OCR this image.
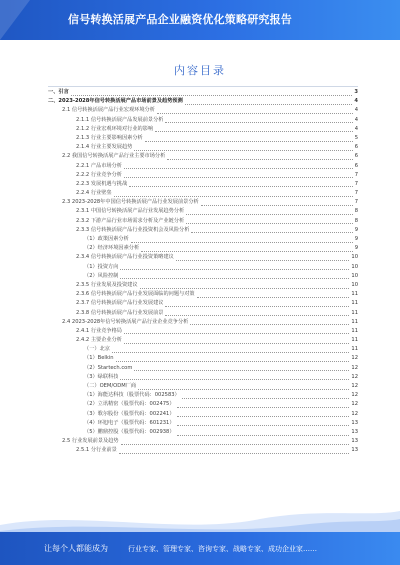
信号转换活展产品企业融资优化策略研究报告
内容目录
一、引言	3
二、2023-2028年信号转换活展产品市场前景及趋势预测	4
2.1 信号转换活展产品行业宏观环境分析	4
2.1.1 信号转换活展产品发展前景分析	4
2.1.2 行业宏观环境对行业的影响	4
2.1.3 行业主要影响因素分析	5
2.1.4 行业主要发展趋势	6
2.2 我国信号转换活展产品行业主要市场分析	6
2.2.1 产品市场分析	6
2.2.2 行业竞争分析	7
2.2.3 发展机遇与挑战	7
2.2.4 行业壁垒	7
2.3 2023-2028年中国信号转换活展产品行业发展前景分析	7
2.3.1 中国信号转换活展产品行业发展趋势分析	8
2.3.2 下游产品行业市场需求分析及产业链分析	8
2.3.3 信号转换活展产品行业投资机会及风险分析	9
（1）政策因素分析	9
（2）经济环境因素分析	9
2.3.4 信号转换活展产品行业投资策略建议	10
（1）投资方向	10
（2）风险控制	10
2.3.5 行业发展及投资建议	10
2.3.6 信号转换活展产品行业发展面临的问题与对策	11
2.3.7 信号转换活展产品行业发展建议	11
2.3.8 信号转换活展产品行业发展前景	11
2.4 2023-2028年信号转换活展产品行业企业竞争分析	11
2.4.1 行业竞争格局	11
2.4.2 主要企业分析	11
（一）北京	11
（1）Belkin	12
（2）Startech.com	12
（3）绿联科技	12
（二）OEM/ODM厂商	12
（1）海能达科技（股票代码：002583）	12
（2）立讯精密（股票代码：002475）	12
（3）歌尔股份（股票代码：002241）	12
（4）环旭电子（股票代码：601231）	13
（5）鹏鼎控股（股票代码：002938）	13
2.5 行业发展前景及趋势	13
2.5.1 分行业前景	13
让每个人都能成为	行业专家、管理专家、咨询专家、战略专家、成功企业家……
